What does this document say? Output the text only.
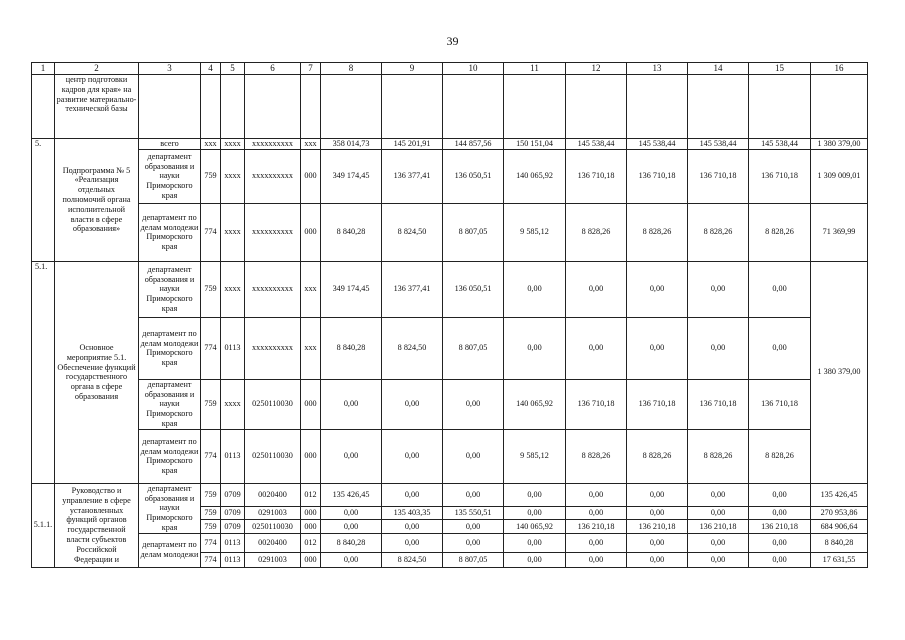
39
1	2	3	4	5	6	7	8	9	10	11	12	13	14	15	16
	центр подготовки кадров для края» на развитие материально-технической базы														
5.	Подпрограмма № 5 «Реализация отдельных полномочий органа исполнительной власти в сфере образования»	всего	xxx	xxxx	xxxxxxxxxx	xxx	358 014,73	145 201,91	144 857,56	150 151,04	145 538,44	145 538,44	145 538,44	145 538,44	1 380 379,00
		департамент образования и науки Приморского края	759	xxxx	xxxxxxxxxx	000	349 174,45	136 377,41	136 050,51	140 065,92	136 710,18	136 710,18	136 710,18	136 710,18	1 309 009,01
		департамент по делам молодежи Приморского края	774	xxxx	xxxxxxxxxx	000	8 840,28	8 824,50	8 807,05	9 585,12	8 828,26	8 828,26	8 828,26	8 828,26	71 369,99
5.1.	Основное мероприятие 5.1. Обеспечение функций государственного органа в сфере образования	департамент образования и науки Приморского края	759	xxxx	xxxxxxxxxx	xxx	349 174,45	136 377,41	136 050,51	0,00	0,00	0,00	0,00	0,00	1 380 379,00
		департамент по делам молодежи Приморского края	774	0113	xxxxxxxxxx	xxx	8 840,28	8 824,50	8 807,05	0,00	0,00	0,00	0,00	0,00	
		департамент образования и науки Приморского края	759	xxxx	0250110030	000	0,00	0,00	0,00	140 065,92	136 710,18	136 710,18	136 710,18	136 710,18	
		департамент по делам молодежи Приморского края	774	0113	0250110030	000	0,00	0,00	0,00	9 585,12	8 828,26	8 828,26	8 828,26	8 828,26	
5.1.1.	Руководство и управление в сфере установленных функций органов государственной власти субъектов Российской Федерации и	департамент образования и науки Приморского края	759	0709	0020400	012	135 426,45	0,00	0,00	0,00	0,00	0,00	0,00	0,00	135 426,45
			759	0709	0291003	000	0,00	135 403,35	135 550,51	0,00	0,00	0,00	0,00	0,00	270 953,86
			759	0709	0250110030	000	0,00	0,00	0,00	140 065,92	136 210,18	136 210,18	136 210,18	136 210,18	684 906,64
		департамент по делам молодежи	774	0113	0020400	012	8 840,28	0,00	0,00	0,00	0,00	0,00	0,00	0,00	8 840,28
			774	0113	0291003	000	0,00	8 824,50	8 807,05	0,00	0,00	0,00	0,00	0,00	17 631,55
